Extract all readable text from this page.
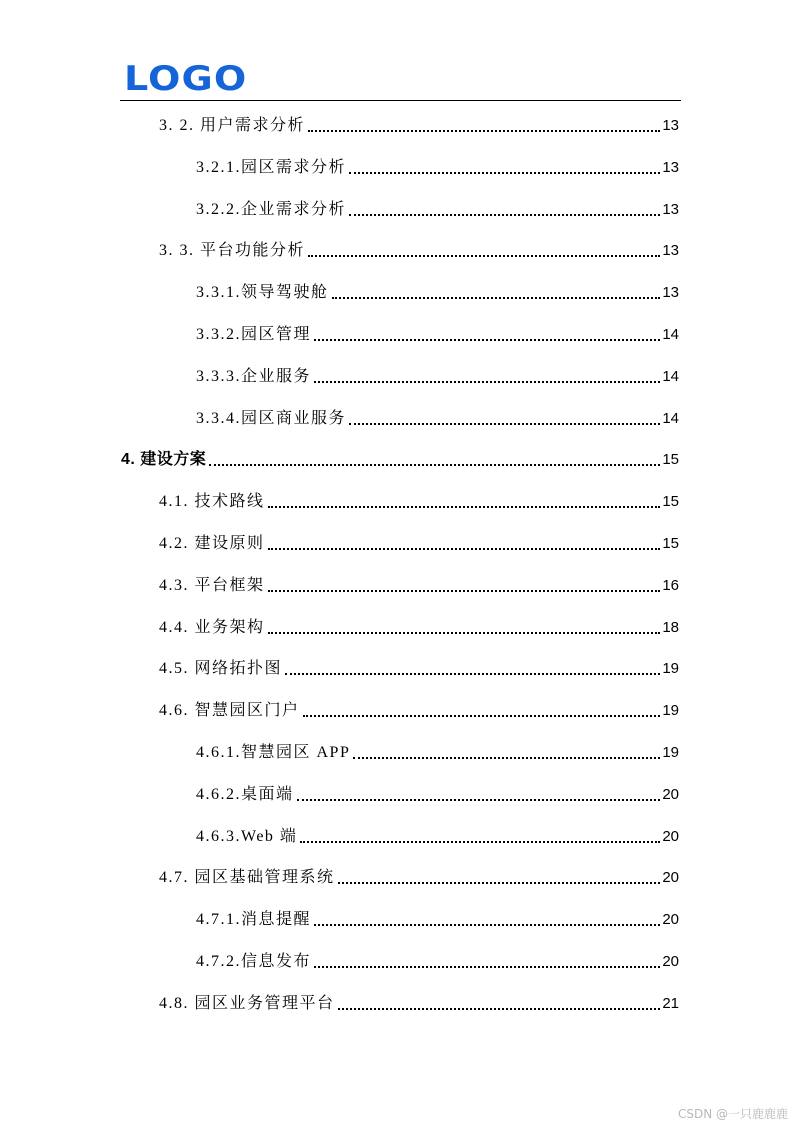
LOGO
3. 2. 用户需求分析	13
3.2.1.园区需求分析	13
3.2.2.企业需求分析	13
3. 3. 平台功能分析	13
3.3.1.领导驾驶舱	13
3.3.2.园区管理	14
3.3.3.企业服务	14
3.3.4.园区商业服务	14
4. 建设方案	15
4.1. 技术路线	15
4.2. 建设原则	15
4.3. 平台框架	16
4.4. 业务架构	18
4.5. 网络拓扑图	19
4.6. 智慧园区门户	19
4.6.1.智慧园区 APP	19
4.6.2.桌面端	20
4.6.3.Web 端	20
4.7. 园区基础管理系统	20
4.7.1.消息提醒	20
4.7.2.信息发布	20
4.8. 园区业务管理平台	21
CSDN @一只鹿鹿鹿
